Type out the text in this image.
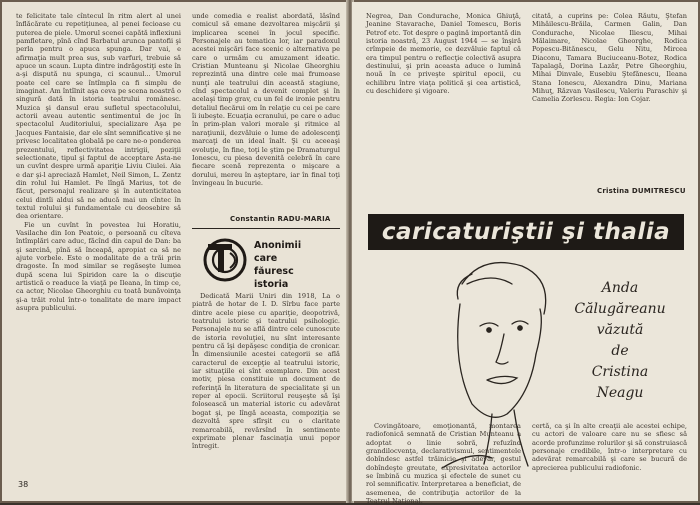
te felicitate tale cîntecul în ritm alert al unei înflăcărate cu repetiţiunea, al penei fecioase cu puterea de piele. Umorul scenei capătă inflexiuni pamfletare, pînă cînd Barbatul arunca pantofii şi perla pentru o apuca spunga. Dar vai, e afirmaţia mult prea sus, sub varfuri, trebuie să apuce un scaun. Lupta dintre indrăgostiţi este în a-şi dispută nu spunga, ci scaunul... Umorul poate cel care se întîmpla ca fi simplu de imaginat. Am întîlnit aşa ceva pe scena noastră o singură dată în istoria teatrului românesc. Muzica şi dansul erau sufletul spectacolului, actorii aveau autentic sentimentul de joc în spectacolul Auditoriului, specializare Aşa pe Jacques Fantaisie, dar ele sînt semnificative şi ne privesc localitatea globală pe care ne-o ponderea prezentului, reflectivitatea intrigii, poziţii selectionate, tipul şi faptul de acceptare Asta-ne un cuvînt despre urmă apariţie Liviu Ciulei. Aia e dar şi-l apreciază Hamlet, Neil Simon, L. Zentz din rolul lui Hamlet. Pe lîngă Marius, tot de făcut, personajul realizare şi în autenticitatea celui dintîi aldui să ne aducă mai un cîntec în textul rolului şi fundamentale cu deosebire să dea orientare.

Fie un cuvînt în povestea lui Horatiu, Vasilache din Ion Peatoic, o persoană cu cîteva întîmplări care aduc, făcînd din capul de Dan: ba şi sarcină, pînă să înceapă, apropiat ca să ne ajute vorbele. Este o modalitate de a trăi prin dragoste. În mod similar se regăseşte lumea după scena lui Spiridon care la o discuţie artistică o readuce la viaţă pe Ileana, în timp ce, ca actor, Nicolae Gheorghiu cu toată bunăvoinţa şi-a trăit rolul într-o tonalitate de mare impact asupra publicului.

unde comedia e realist abordată, lăsînd comicul să emane dezvoltarea mişcării şi implicarea scenei în jocul specific. Personajele au tematica lor, iar paradoxul acestei mişcări face scenic o alternativa pe care o urmăm cu amuzament ideatic. Cristian Munteanu şi Nicolae Gheorghiu reprezintă una dintre cele mai frumoase nunţi ale teatrului din această stagiune, cînd spectacolul a devenit complet şi în acelaşi timp grav, cu un fel de ironie pentru detaliul fiecărui om în relaţie cu cei pe care îi iubeşte. Ecuaţia ecranului, pe care o aduc în prim-plan valori morale şi ritmice al naraţiunii, dezvăluie o lume de adolescenţi marcaţi de un ideal înalt. Şi cu aceeaşi evoluţie, în fine, toţi le ştim pe Dramaturgul Ionescu, cu piesa devenită celebră în care fiecare scenă reprezenta o mişcare a dorului, mereu în aşteptare, iar în final toţi învingeau în bucurie.

Constantin RADU-MARIA
Anonimii
care
făuresc
istoria

Dedicată Marii Uniri din 1918, La o piatră de hotar de I. D. Sîrbu face parte dintre acele piese cu apariţie, deopotrivă, teatrului istoric şi teatrului psihologic. Personajele nu se află dintre cele cunoscute de istoria revoluţiei, nu sînt interesante pentru că îşi depăşesc condiţia de cronicar. În dimensiunile acestei categorii se află caracterul de excepţie al teatrului istoric, iar situaţiile ei sînt exemplare. Din acest motiv, piesa constituie un document de referinţă în literatura de specialitate şi un reper al epocii. Scriitorul reuşeşte să îşi folosească un material istoric cu adevărat bogat şi, pe lîngă aceasta, compoziţia se dezvoltă spre sfîrşit cu o claritate remarcabilă, revărsînd în sentimente exprimate plenar fascinaţia unui popor întregit.

38

Negrea, Dan Condurache, Monica Ghiuţă, Jeanine Stavarache, Daniel Tomescu, Boris Petrof etc. Tot despre o pagină importantă din istoria noastră, 23 August 1944 — se înşiră crîmpeie de memorie, ce dezvăluie faptul că era timpul pentru o reflecţie colectivă asupra destinului, şi prin aceasta aduce o lumină nouă în ce priveşte spiritul epocii, cu echilibru între viaţa politică şi cea artistică, cu deschidere şi vigoare.

citată, a cuprins pe: Colea Răutu, Ştefan Mihăilescu-Brăila, Carmen Galin, Dan Condurache, Nicolae Iliescu, Mihai Mălaimare, Nicolae Gheorghe, Rodica Popescu-Bitănescu, Gelu Nitu, Mircea Diaconu, Tamara Buciuceanu-Botez, Rodica Tapalagă, Dorina Lazăr, Petre Gheorghiu, Mihai Dinvale, Eusebiu Ştefănescu, Ileana Stana Ionescu, Alexandra Dinu, Mariana Mihuţ, Răzvan Vasilescu, Valeriu Paraschiv şi Camelia Zorlescu. Regia: Ion Cojar.

Cristina DUMITRESCU
caricaturiştii şi thalia
Anda
Călugăreanu
văzută
de
Cristina
Neagu

Covingătoare, emoţionantă, montarea radiofonică semnată de Cristian Munteanu a adoptat o linie sobră, refuzînd grandilocvenţa, declarativismul, sentimentele dobîndesc astfel trăinicie şi adevăr, gestul dobîndeşte greutate, expresivitatea actorilor se îmbină cu muzica şi efectele de sunet cu rol semnificativ. Interpretarea a beneficiat, de asemenea, de contribuţia actorilor de la Teatrul Naţional.

certă, ca şi în alte creaţii ale acestei echipe, cu actori de valoare care nu se sfiesc să acorde profunzime rolurilor şi să construiască personaje credibile, într-o interpretare cu adevărat remarcabilă şi care se bucură de aprecierea publicului radiofonic.
